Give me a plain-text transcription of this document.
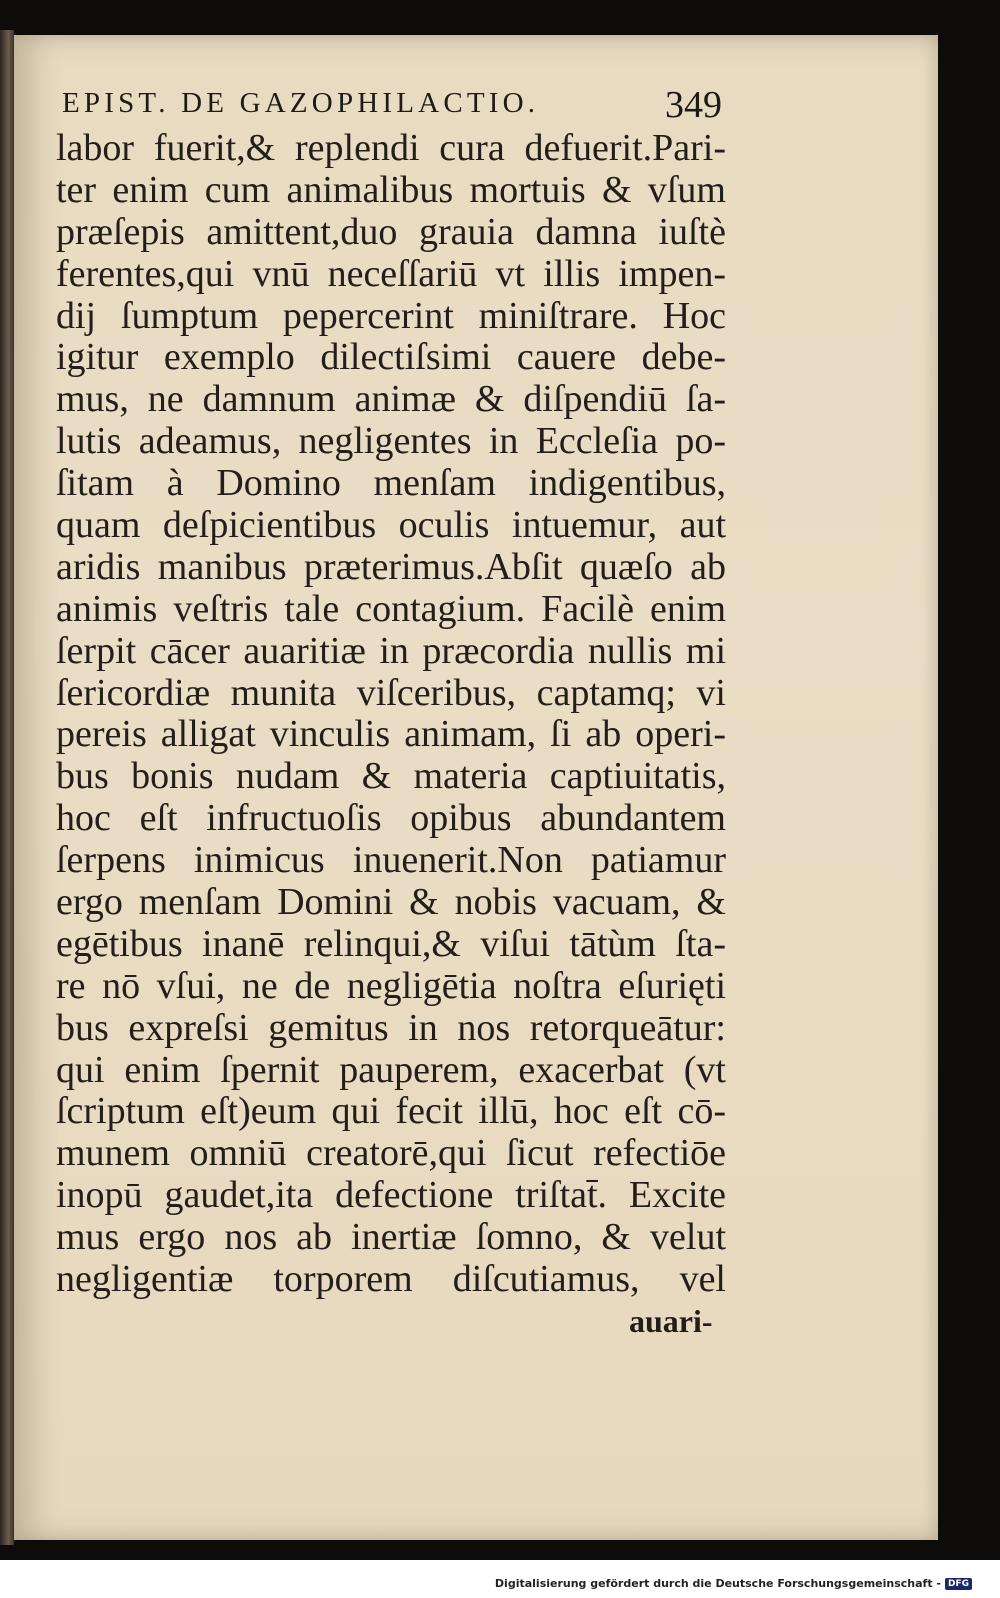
EPIST. DE GAZOPHILACTIO.	349
labor fuerit,& replendi cura defuerit.Pari-
ter enim cum animalibus mortuis & vſum
præſepis amittent,duo grauia damna iuſtè
ferentes,qui vnū neceſſariū vt illis impen-
dij ſumptum pepercerint miniſtrare. Hoc
igitur exemplo dilectiſsimi cauere debe-
mus, ne damnum animæ & diſpendiū ſa-
lutis adeamus, negligentes in Eccleſia po-
ſitam à Domino menſam indigentibus,
quam deſpicientibus oculis intuemur, aut
aridis manibus præterimus.Abſit quæſo ab
animis veſtris tale contagium. Facilè enim
ſerpit cācer auaritiæ in præcordia nullis mi
ſericordiæ munita viſceribus, captamq; vi
pereis alligat vinculis animam, ſi ab operi-
bus bonis nudam & materia captiuitatis,
hoc eſt infructuoſis opibus abundantem
ſerpens inimicus inuenerit.Non patiamur
ergo menſam Domini & nobis vacuam, &
egētibus inanē relinqui,& viſui tātùm ſta-
re nō vſui, ne de negligētia noſtra eſurięti
bus expreſsi gemitus in nos retorqueātur:
qui enim ſpernit pauperem, exacerbat (vt
ſcriptum eſt)eum qui fecit illū, hoc eſt cō-
munem omniū creatorē,qui ſicut refectiōe
inopū gaudet,ita defectione triſtat̄. Excite
mus ergo nos ab inertiæ ſomno, & velut
negligentiæ torporem diſcutiamus, vel
auari-
Digitalisierung gefördert durch die Deutsche Forschungsgemeinschaft - DFG
